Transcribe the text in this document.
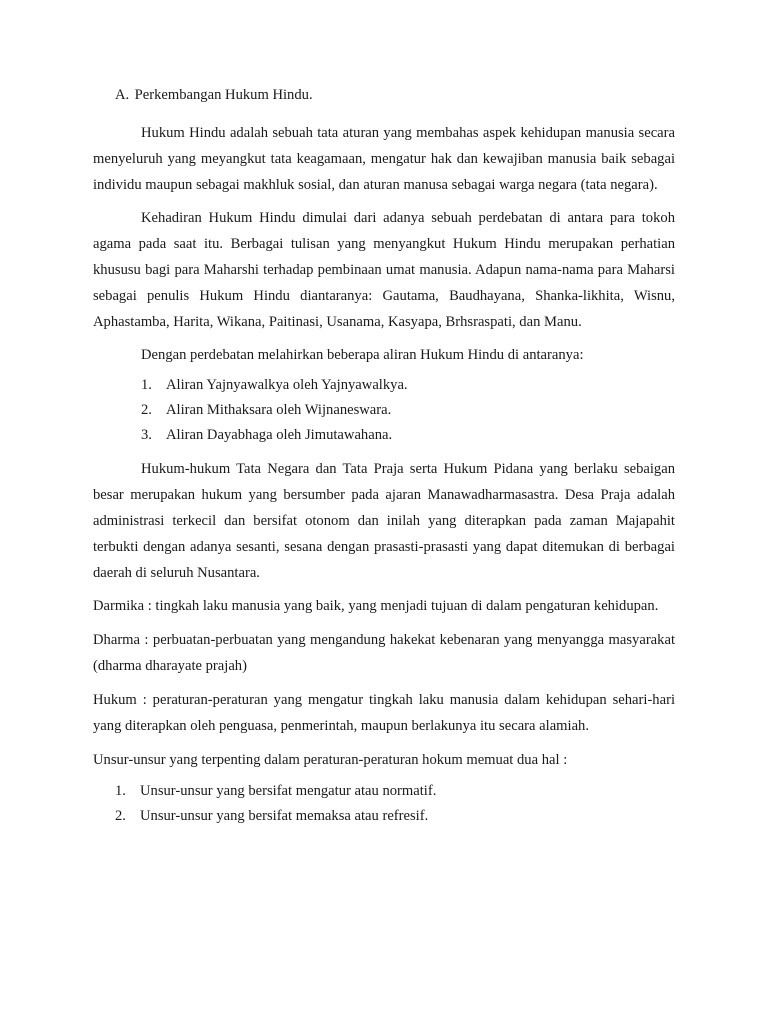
A. Perkembangan Hukum Hindu.

Hukum Hindu adalah sebuah tata aturan yang membahas aspek kehidupan manusia secara menyeluruh yang meyangkut tata keagamaan, mengatur hak dan kewajiban manusia baik sebagai individu maupun sebagai makhluk sosial, dan aturan manusa sebagai warga negara (tata negara).

Kehadiran Hukum Hindu dimulai dari adanya sebuah perdebatan di antara para tokoh agama pada saat itu. Berbagai tulisan yang menyangkut Hukum Hindu merupakan perhatian khususu bagi para Maharshi terhadap pembinaan umat manusia. Adapun nama-nama para Maharsi sebagai penulis Hukum Hindu diantaranya: Gautama, Baudhayana, Shanka-likhita, Wisnu, Aphastamba, Harita, Wikana, Paitinasi, Usanama, Kasyapa, Brhsraspati, dan Manu.

Dengan perdebatan melahirkan beberapa aliran Hukum Hindu di antaranya:

1. Aliran Yajnyawalkya oleh Yajnyawalkya.
2. Aliran Mithaksara oleh Wijnaneswara.
3. Aliran Dayabhaga oleh Jimutawahana.

Hukum-hukum Tata Negara dan Tata Praja serta Hukum Pidana yang berlaku sebaigan besar merupakan hukum yang bersumber pada ajaran Manawadharmasastra. Desa Praja adalah administrasi terkecil dan bersifat otonom dan inilah yang diterapkan pada zaman Majapahit terbukti dengan adanya sesanti, sesana dengan prasasti-prasasti yang dapat ditemukan di berbagai daerah di seluruh Nusantara.

Darmika : tingkah laku manusia yang baik, yang menjadi tujuan di dalam pengaturan kehidupan.

Dharma : perbuatan-perbuatan yang mengandung hakekat kebenaran yang menyangga masyarakat (dharma dharayate prajah)

Hukum : peraturan-peraturan yang mengatur tingkah laku manusia dalam kehidupan sehari-hari yang diterapkan oleh penguasa, penmerintah, maupun berlakunya itu secara alamiah.

Unsur-unsur yang terpenting dalam peraturan-peraturan hokum memuat dua hal :

1. Unsur-unsur yang bersifat mengatur atau normatif.
2. Unsur-unsur yang bersifat memaksa atau refresif.
